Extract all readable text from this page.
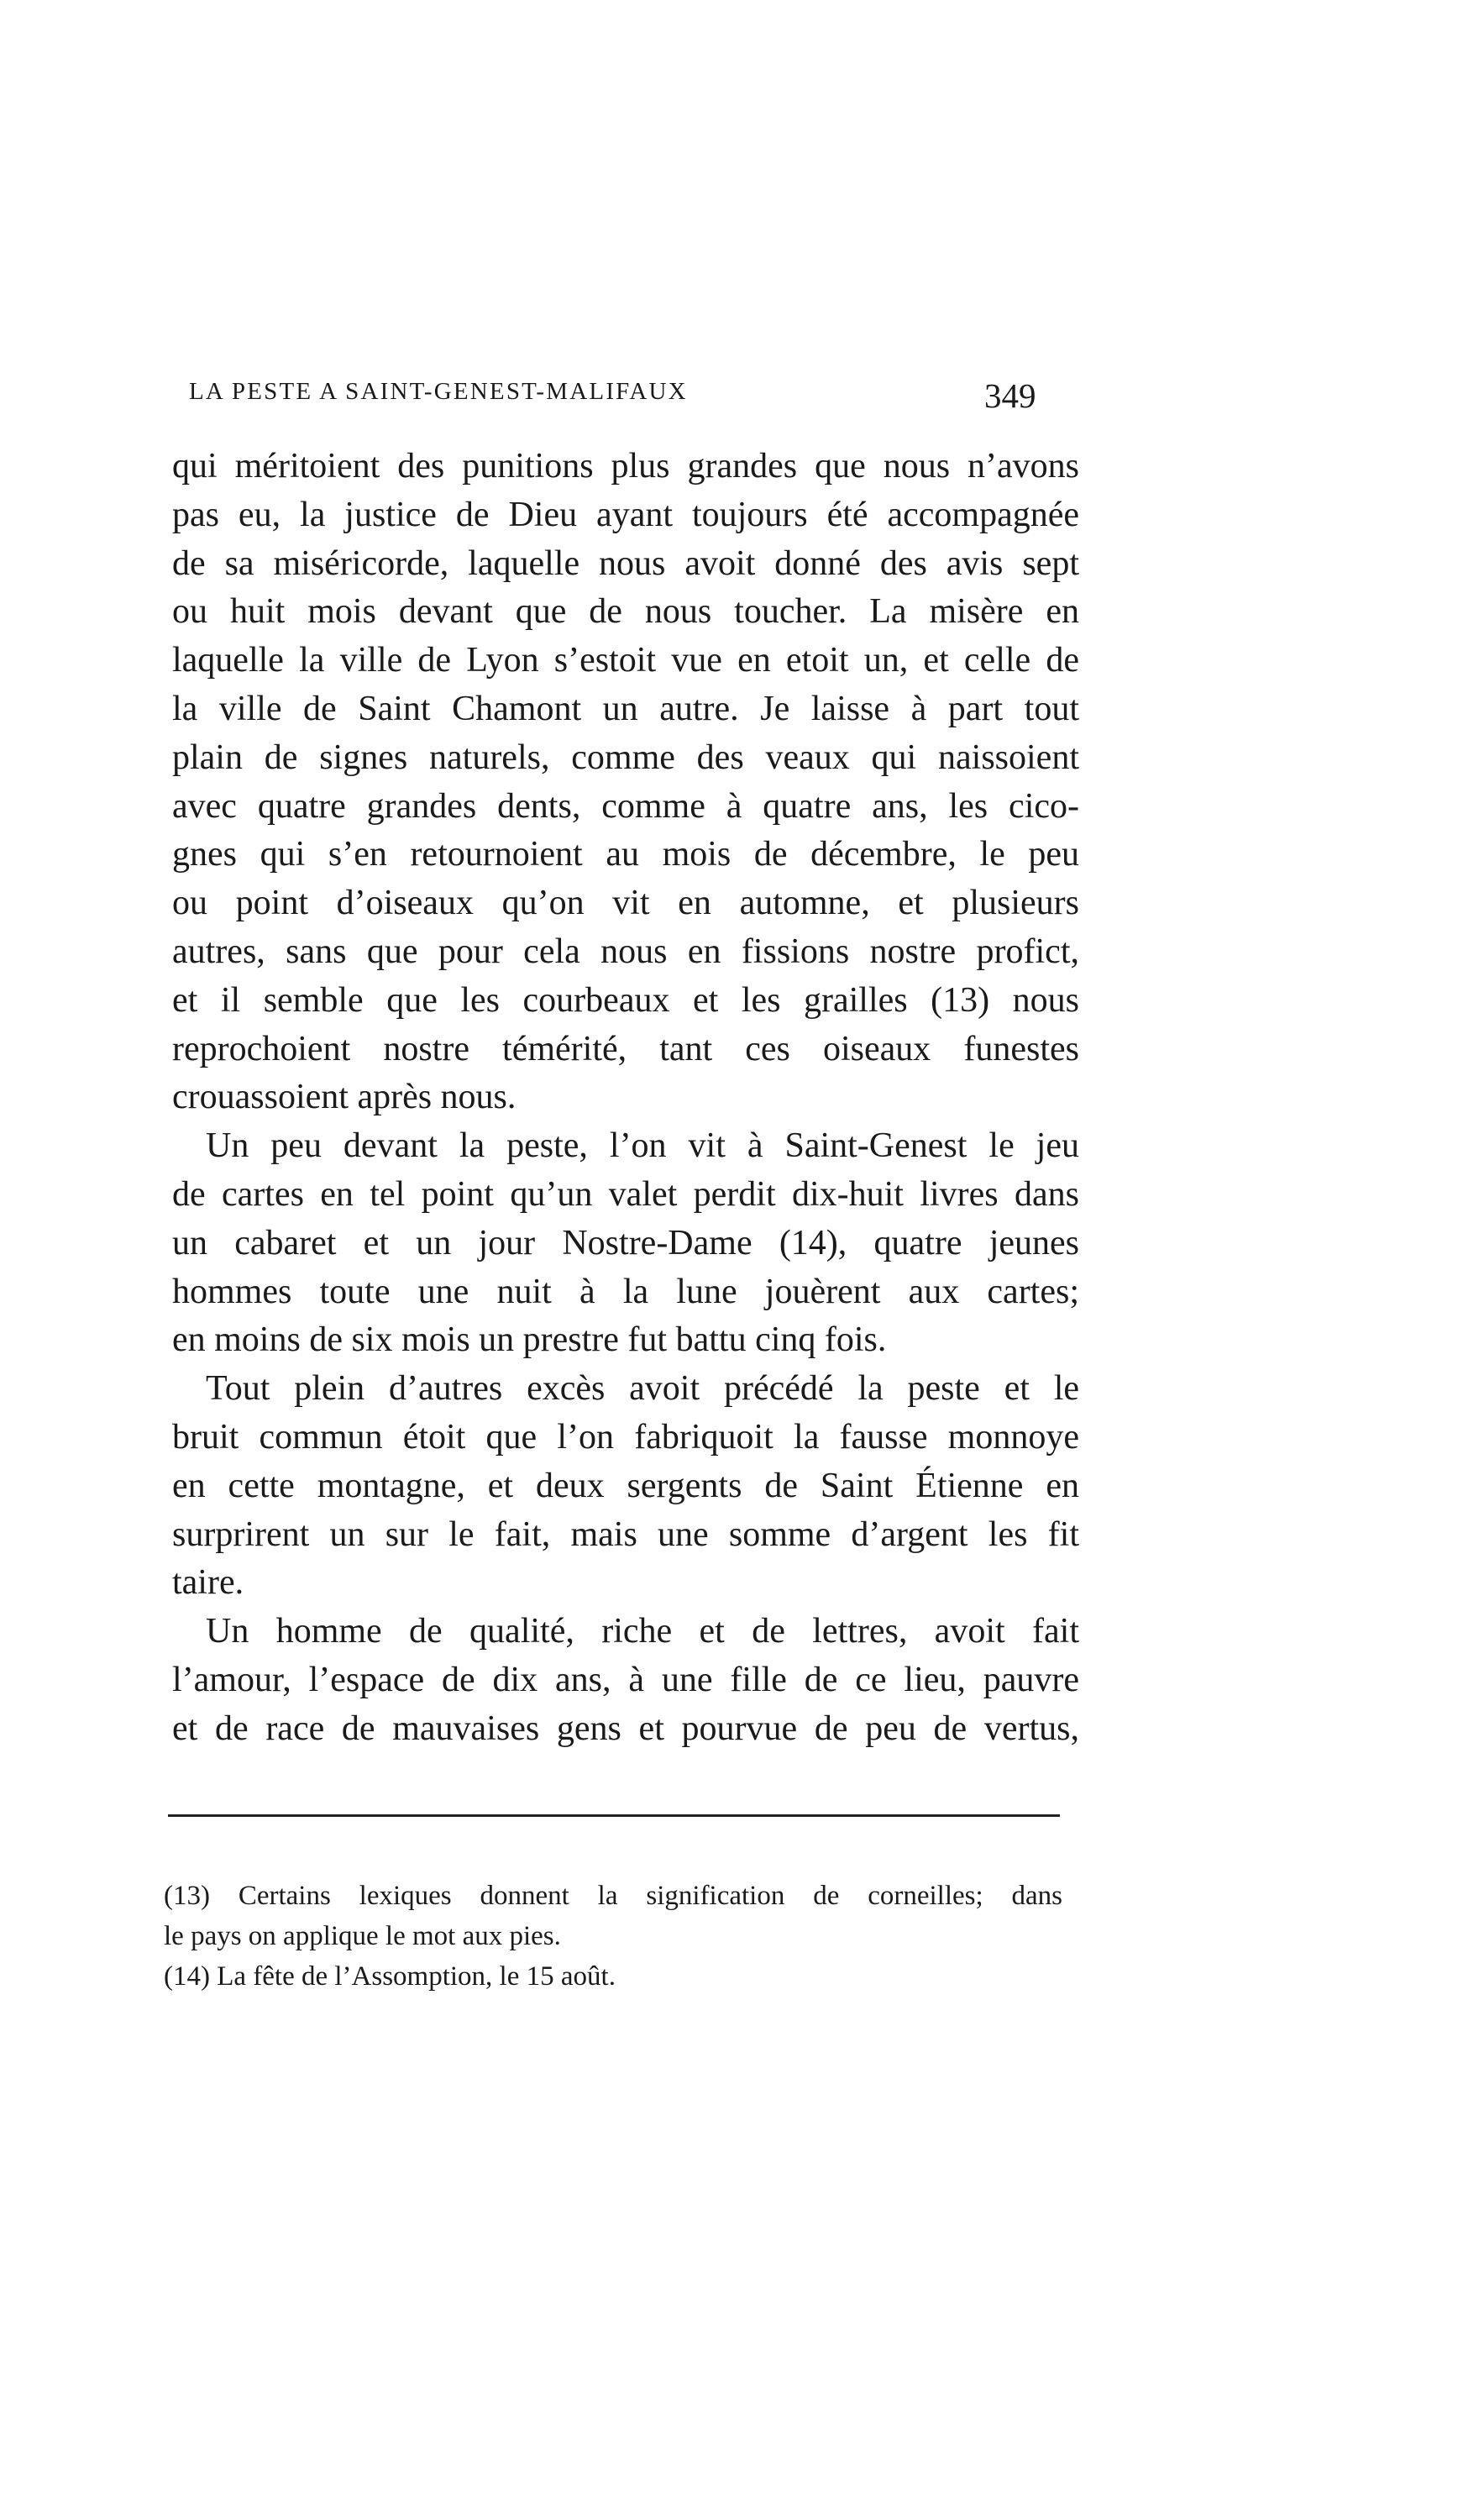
LA PESTE A SAINT-GENEST-MALIFAUX	349
qui méritoient des punitions plus grandes que nous n’avons
pas eu, la justice de Dieu ayant toujours été accompagnée
de sa miséricorde, laquelle nous avoit donné des avis sept
ou huit mois devant que de nous toucher. La misère en
laquelle la ville de Lyon s’estoit vue en etoit un, et celle de
la ville de Saint Chamont un autre. Je laisse à part tout
plain de signes naturels, comme des veaux qui naissoient
avec quatre grandes dents, comme à quatre ans, les cico-
gnes qui s’en retournoient au mois de décembre, le peu
ou point d’oiseaux qu’on vit en automne, et plusieurs
autres, sans que pour cela nous en fissions nostre profict,
et il semble que les courbeaux et les grailles (13) nous
reprochoient nostre témérité, tant ces oiseaux funestes
crouassoient après nous.
Un peu devant la peste, l’on vit à Saint-Genest le jeu
de cartes en tel point qu’un valet perdit dix-huit livres dans
un cabaret et un jour Nostre-Dame (14), quatre jeunes
hommes toute une nuit à la lune jouèrent aux cartes;
en moins de six mois un prestre fut battu cinq fois.
Tout plein d’autres excès avoit précédé la peste et le
bruit commun étoit que l’on fabriquoit la fausse monnoye
en cette montagne, et deux sergents de Saint Étienne en
surprirent un sur le fait, mais une somme d’argent les fit
taire.
Un homme de qualité, riche et de lettres, avoit fait
l’amour, l’espace de dix ans, à une fille de ce lieu, pauvre
et de race de mauvaises gens et pourvue de peu de vertus,
(13) Certains lexiques donnent la signification de corneilles; dans
le pays on applique le mot aux pies.
(14) La fête de l’Assomption, le 15 août.
